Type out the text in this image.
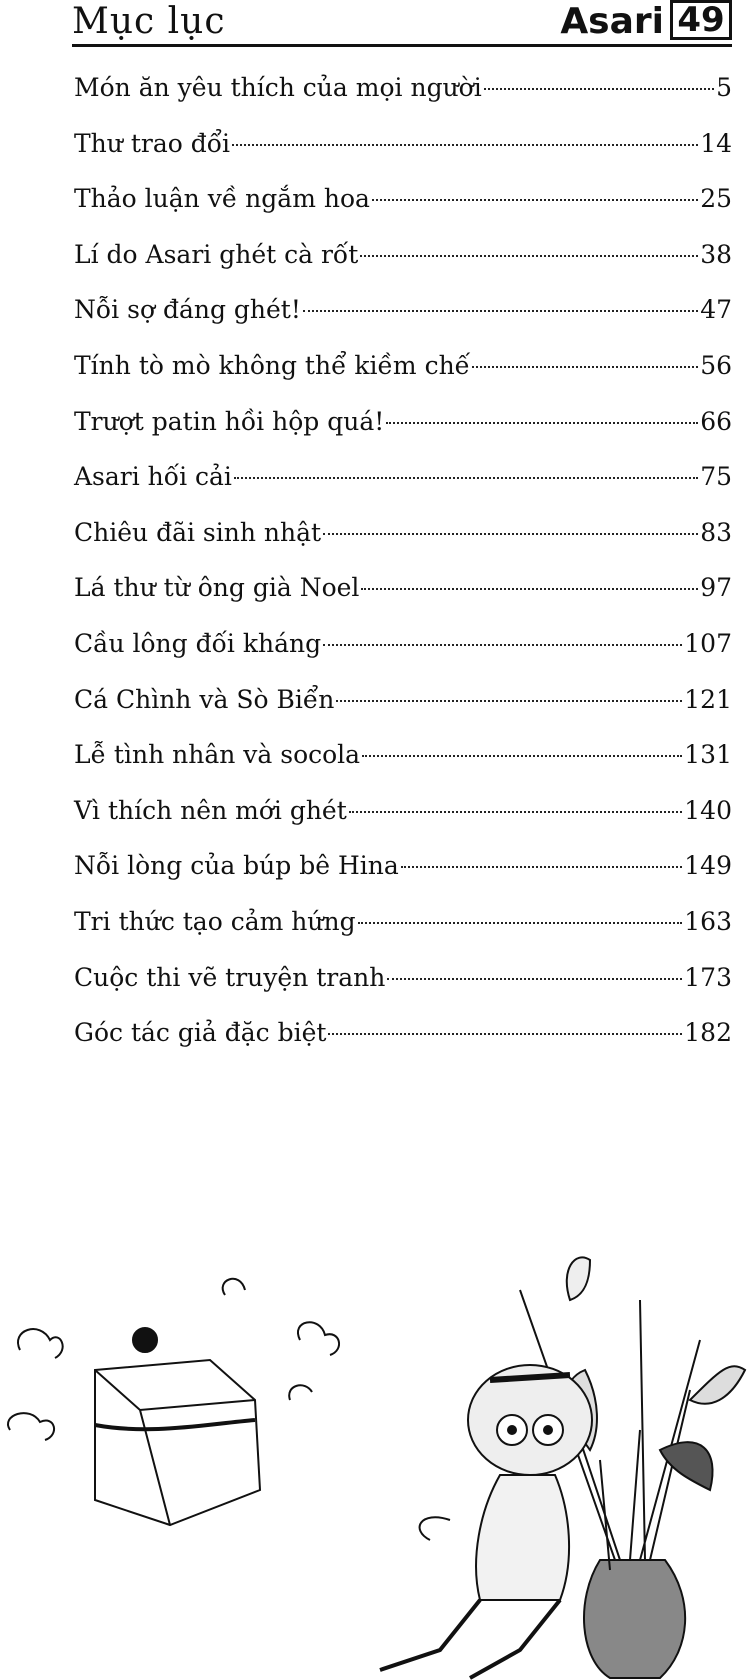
Mục lục	Asari 49
Món ăn yêu thích của mọi người	5
Thư trao đổi	14
Thảo luận về ngắm hoa	25
Lí do Asari ghét cà rốt	38
Nỗi sợ đáng ghét!	47
Tính tò mò không thể kiềm chế	56
Trượt patin hồi hộp quá!	66
Asari hối cải	75
Chiêu đãi sinh nhật	83
Lá thư từ ông già Noel	97
Cầu lông đối kháng	107
Cá Chình và Sò Biển	121
Lễ tình nhân và socola	131
Vì thích nên mới ghét	140
Nỗi lòng của búp bê Hina	149
Tri thức tạo cảm hứng	163
Cuộc thi vẽ truyện tranh	173
Góc tác giả đặc biệt	182
